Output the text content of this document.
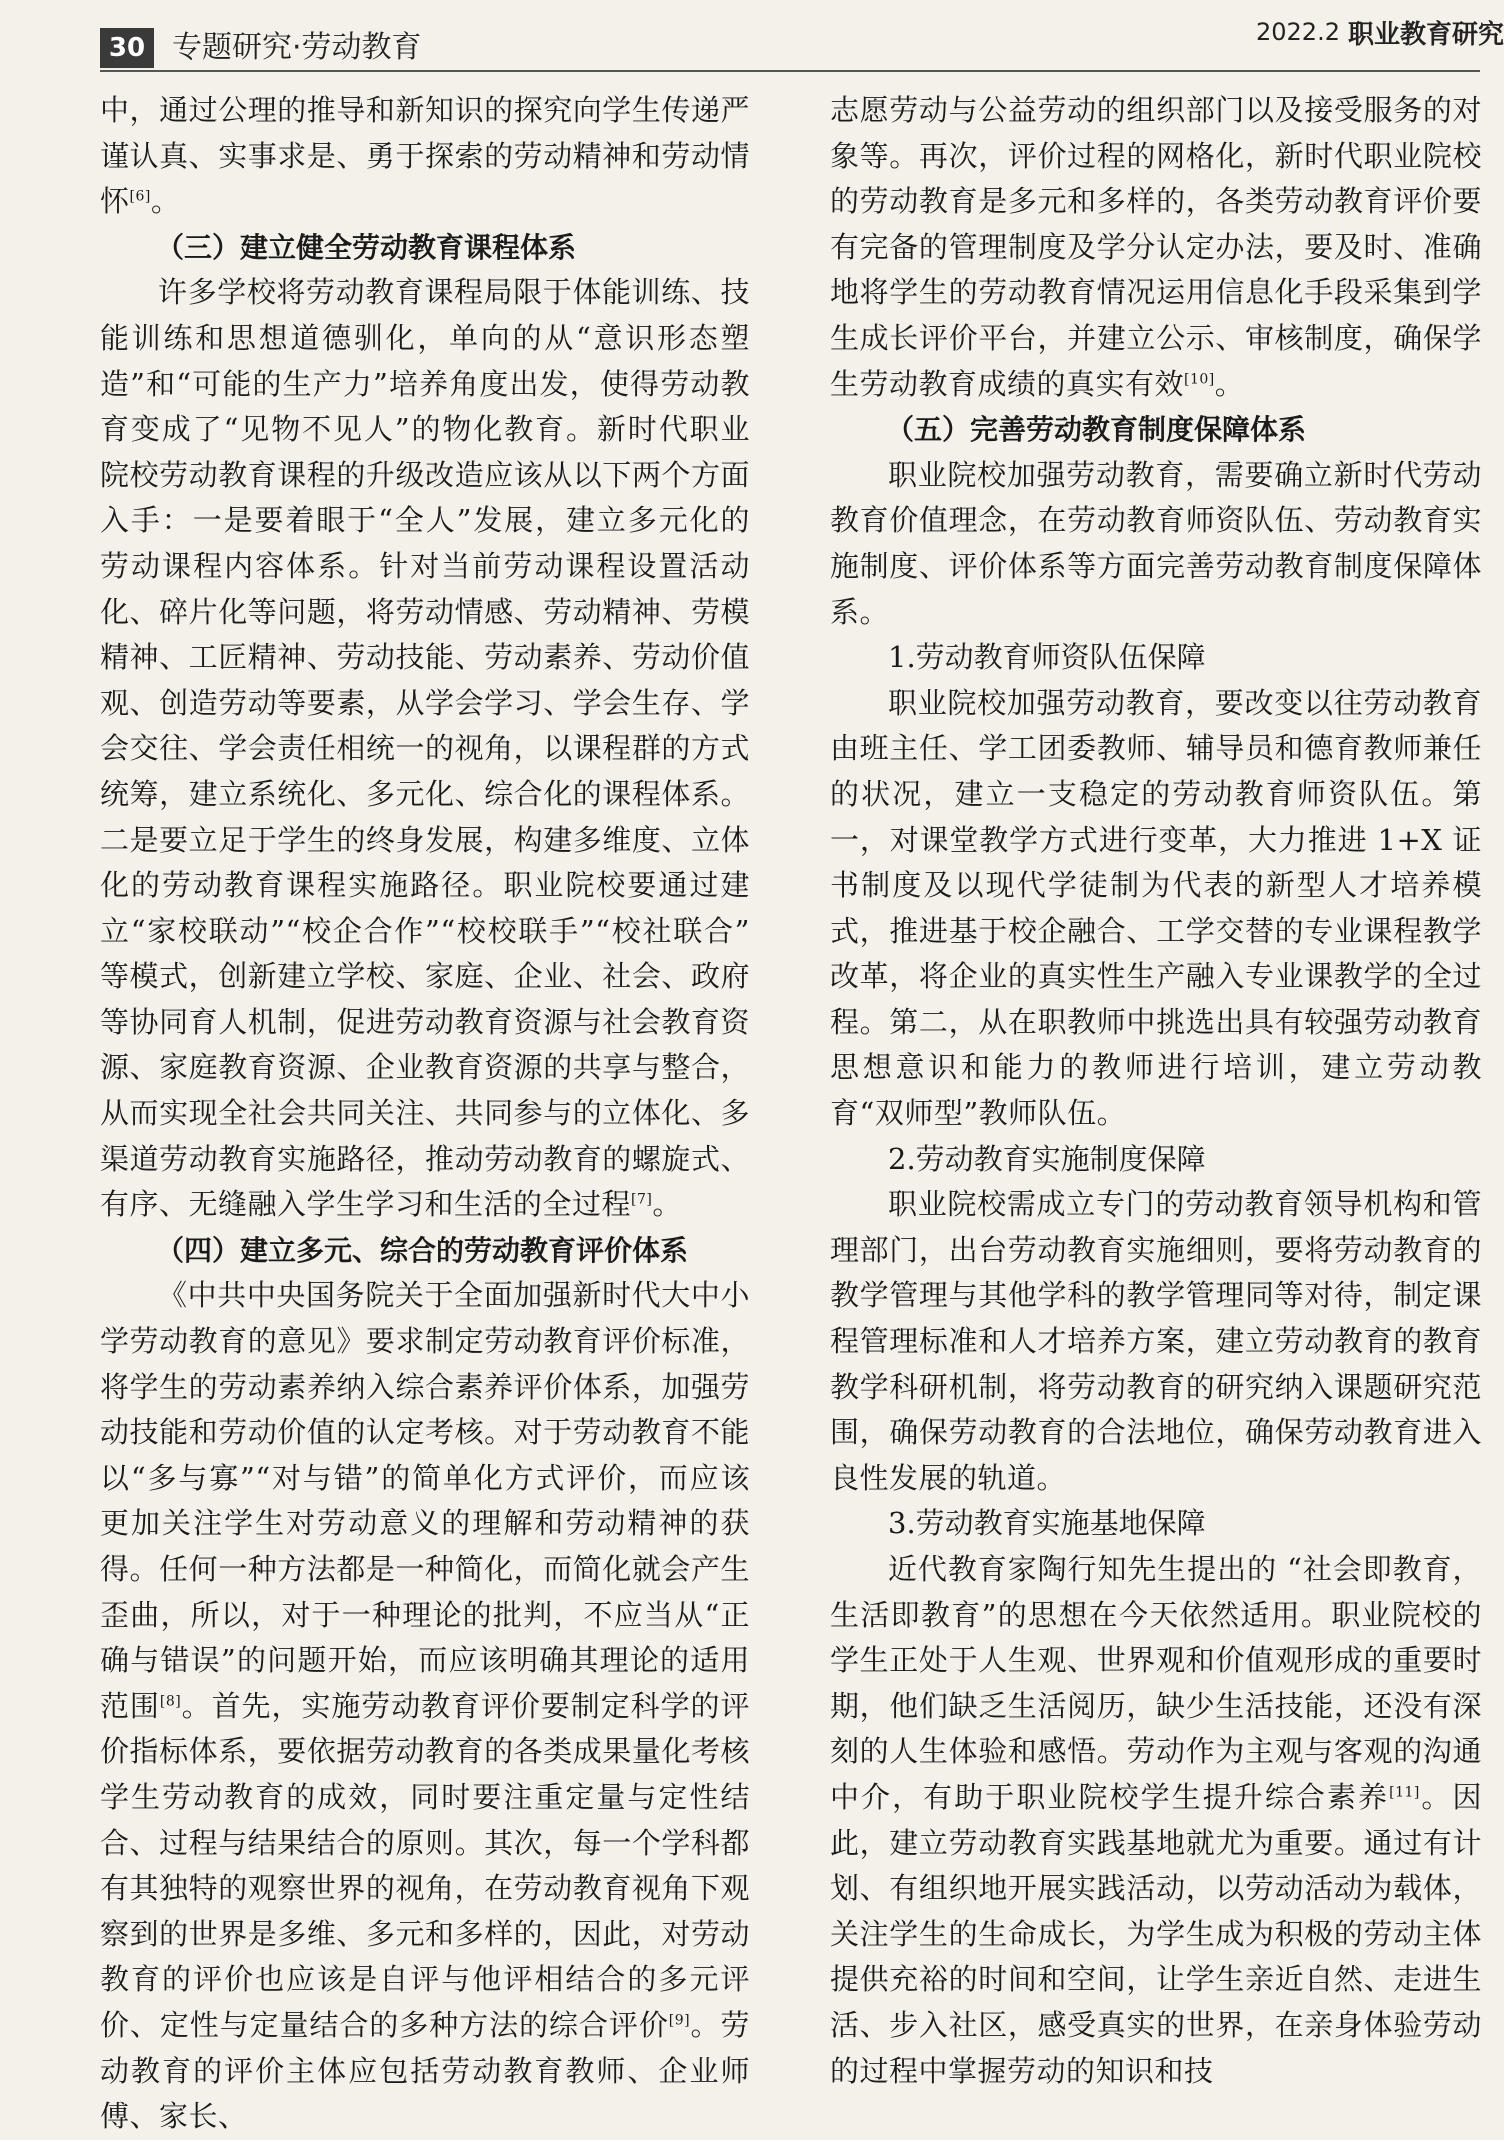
30 专题研究·劳动教育	2022.2 职业教育研究

中，通过公理的推导和新知识的探究向学生传递严谨认真、实事求是、勇于探索的劳动精神和劳动情怀[6]。

（三）建立健全劳动教育课程体系

许多学校将劳动教育课程局限于体能训练、技能训练和思想道德驯化，单向的从“意识形态塑造”和“可能的生产力”培养角度出发，使得劳动教育变成了“见物不见人”的物化教育。新时代职业院校劳动教育课程的升级改造应该从以下两个方面入手：一是要着眼于“全人”发展，建立多元化的劳动课程内容体系。针对当前劳动课程设置活动化、碎片化等问题，将劳动情感、劳动精神、劳模精神、工匠精神、劳动技能、劳动素养、劳动价值观、创造劳动等要素，从学会学习、学会生存、学会交往、学会责任相统一的视角，以课程群的方式统筹，建立系统化、多元化、综合化的课程体系。二是要立足于学生的终身发展，构建多维度、立体化的劳动教育课程实施路径。职业院校要通过建立“家校联动”“校企合作”“校校联手”“校社联合” 等模式，创新建立学校、家庭、企业、社会、政府等协同育人机制，促进劳动教育资源与社会教育资源、家庭教育资源、企业教育资源的共享与整合，从而实现全社会共同关注、共同参与的立体化、多渠道劳动教育实施路径，推动劳动教育的螺旋式、有序、无缝融入学生学习和生活的全过程[7]。

（四）建立多元、综合的劳动教育评价体系

《中共中央国务院关于全面加强新时代大中小学劳动教育的意见》要求制定劳动教育评价标准，将学生的劳动素养纳入综合素养评价体系，加强劳动技能和劳动价值的认定考核。对于劳动教育不能以“多与寡”“对与错”的简单化方式评价，而应该更加关注学生对劳动意义的理解和劳动精神的获得。任何一种方法都是一种简化，而简化就会产生歪曲，所以，对于一种理论的批判，不应当从“正确与错误”的问题开始，而应该明确其理论的适用范围[8]。首先，实施劳动教育评价要制定科学的评价指标体系，要依据劳动教育的各类成果量化考核学生劳动教育的成效，同时要注重定量与定性结合、过程与结果结合的原则。其次，每一个学科都有其独特的观察世界的视角，在劳动教育视角下观察到的世界是多维、多元和多样的，因此，对劳动教育的评价也应该是自评与他评相结合的多元评价、定性与定量结合的多种方法的综合评价[9]。劳动教育的评价主体应包括劳动教育教师、企业师傅、家长、

志愿劳动与公益劳动的组织部门以及接受服务的对象等。再次，评价过程的网格化，新时代职业院校的劳动教育是多元和多样的，各类劳动教育评价要有完备的管理制度及学分认定办法，要及时、准确地将学生的劳动教育情况运用信息化手段采集到学生成长评价平台，并建立公示、审核制度，确保学生劳动教育成绩的真实有效[10]。

（五）完善劳动教育制度保障体系

职业院校加强劳动教育，需要确立新时代劳动教育价值理念，在劳动教育师资队伍、劳动教育实施制度、评价体系等方面完善劳动教育制度保障体系。

1.劳动教育师资队伍保障

职业院校加强劳动教育，要改变以往劳动教育由班主任、学工团委教师、辅导员和德育教师兼任的状况，建立一支稳定的劳动教育师资队伍。第一，对课堂教学方式进行变革，大力推进 1+X 证书制度及以现代学徒制为代表的新型人才培养模式，推进基于校企融合、工学交替的专业课程教学改革，将企业的真实性生产融入专业课教学的全过程。第二，从在职教师中挑选出具有较强劳动教育思想意识和能力的教师进行培训，建立劳动教育“双师型”教师队伍。

2.劳动教育实施制度保障

职业院校需成立专门的劳动教育领导机构和管理部门，出台劳动教育实施细则，要将劳动教育的教学管理与其他学科的教学管理同等对待，制定课程管理标准和人才培养方案，建立劳动教育的教育教学科研机制，将劳动教育的研究纳入课题研究范围，确保劳动教育的合法地位，确保劳动教育进入良性发展的轨道。

3.劳动教育实施基地保障

近代教育家陶行知先生提出的 “社会即教育，生活即教育”的思想在今天依然适用。职业院校的学生正处于人生观、世界观和价值观形成的重要时期，他们缺乏生活阅历，缺少生活技能，还没有深刻的人生体验和感悟。劳动作为主观与客观的沟通中介，有助于职业院校学生提升综合素养[11]。因此，建立劳动教育实践基地就尤为重要。通过有计划、有组织地开展实践活动，以劳动活动为载体，关注学生的生命成长，为学生成为积极的劳动主体提供充裕的时间和空间，让学生亲近自然、走进生活、步入社区，感受真实的世界，在亲身体验劳动的过程中掌握劳动的知识和技
